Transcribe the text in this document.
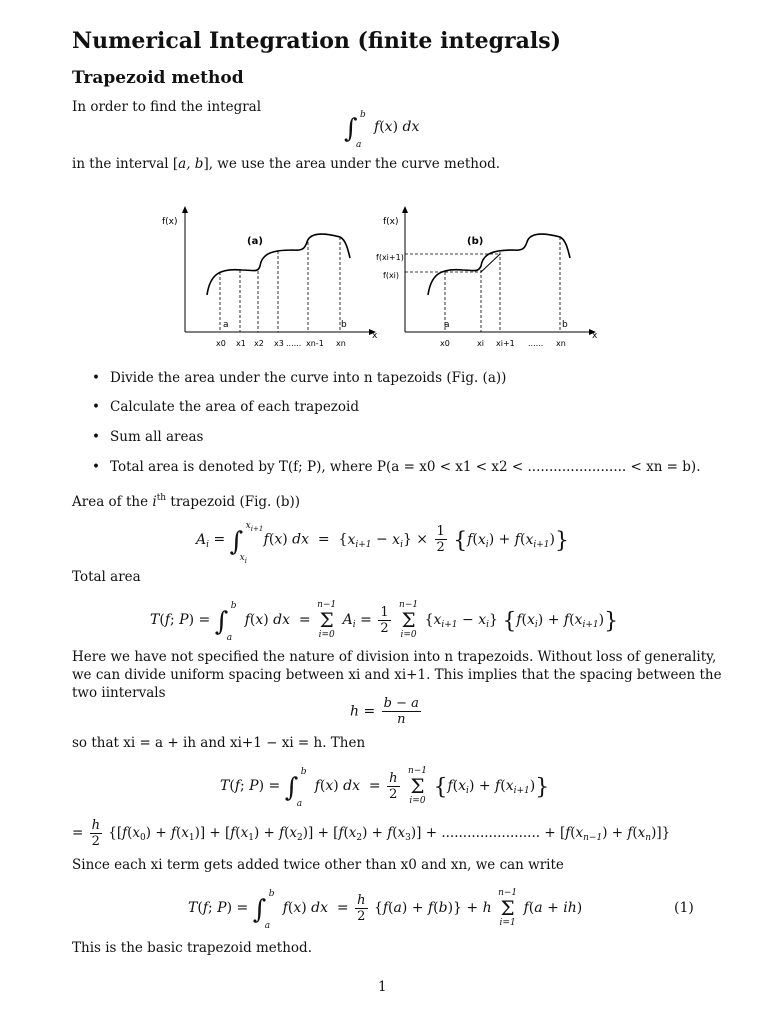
Numerical Integration (finite integrals)
Trapezoid method
In order to find the integral
∫ b
a
f(x) dx
in the interval [a, b], we use the area under the curve method.
f(x)
(a)
x
a	b
x0 x1 x2 x3 ...... xn-1 xn
f(x)
(b)
x
f(xi+1)
f(xi)
a	b
x0	xi xi+1 ...... xn
• Divide the area under the curve into n tapezoids (Fig. (a))
• Calculate the area of each trapezoid
• Sum all areas
• Total area is denoted by T(f; P), where P(a = x0 < x1 < x2 < ....................... < xn = b).
Area of the $i^{th}$ trapezoid (Fig. (b))
$A_i$ = ∫
$x_{i+1}$
$x_i$
f(x) dx  =  $\{x_{i+1} - x_i\} \times \frac{1}{2} \{f(x_i) + f(x_{i+1})\}$
Total area
T(f; P) = ∫
b
a
f(x) dx  =
n−1
Σ
i=0
$A_i = \frac{1}{2}$
n−1
Σ
i=0
$\{x_{i+1} - x_i\} \{f(x_i) + f(x_{i+1})\}$
Here we have not specified the nature of division into n trapezoids. Without loss of generality,
we can divide uniform spacing between xi and xi+1. This implies that the spacing between the
two iintervals
$h = \frac{b - a}{n}$
so that xi = a + ih and xi+1 − xi = h. Then
T(f; P) = ∫
b
a
f(x) dx  = $\frac{h}{2}$
n−1
Σ
i=0
$\{f(x_i) + f(x_{i+1})\}$
= $\frac{h}{2} \{[f(x_0) + f(x_1)] + [f(x_1) + f(x_2)] + [f(x_2) + f(x_3)]$ + ....................... + $[f(x_{n-1}) + f(x_n)]$}
Since each xi term gets added twice other than x0 and xn, we can write
T(f; P) = ∫
b
a
f(x) dx  = $\frac{h}{2} \{f(a) + f(b)\} + h$
n−1
Σ
i=1
f(a + ih)	(1)
This is the basic trapezoid method.
1
